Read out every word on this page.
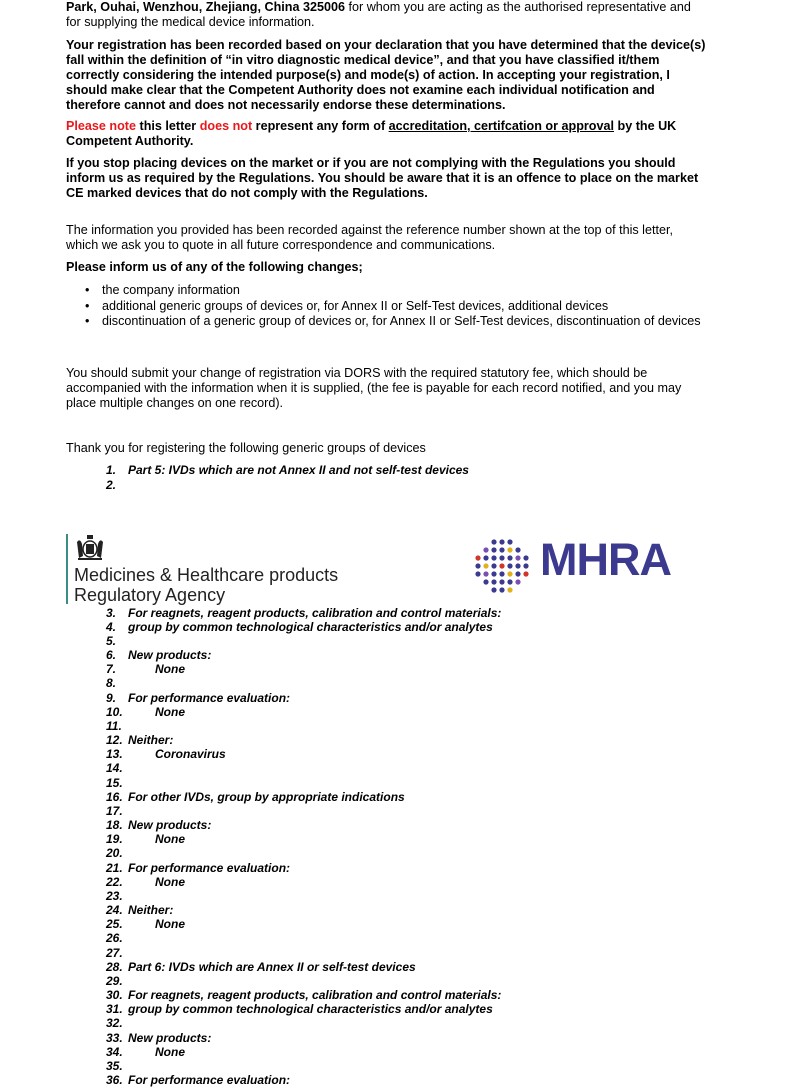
Park, Ouhai, Wenzhou, Zhejiang, China 325006 for whom you are acting as the authorised representative and for supplying the medical device information.
Your registration has been recorded based on your declaration that you have determined that the device(s) fall within the definition of “in vitro diagnostic medical device”, and that you have classified it/them correctly considering the intended purpose(s) and mode(s) of action. In accepting your registration, I should make clear that the Competent Authority does not examine each individual notification and therefore cannot and does not necessarily endorse these determinations.
Please note this letter does not represent any form of accreditation, certifcation or approval by the UK Competent Authority.
If you stop placing devices on the market or if you are not complying with the Regulations you should inform us as required by the Regulations. You should be aware that it is an offence to place on the market CE marked devices that do not comply with the Regulations.
The information you provided has been recorded against the reference number shown at the top of this letter, which we ask you to quote in all future correspondence and communications.
Please inform us of any of the following changes;
• the company information
• additional generic groups of devices or, for Annex II or Self-Test devices, additional devices
• discontinuation of a generic group of devices or, for Annex II or Self-Test devices, discontinuation of devices
You should submit your change of registration via DORS with the required statutory fee, which should be accompanied with the information when it is supplied, (the fee is payable for each record notified, and you may place multiple changes on one record).
Thank you for registering the following generic groups of devices
Medicines & Healthcare products
Regulatory Agency
MHRA
1. Part 5: IVDs which are not Annex II and not self-test devices
2.
3. For reagnets, reagent products, calibration and control materials:
4. group by common technological characteristics and/or analytes
5.
6. New products:
7.	None
8.
9. For performance evaluation:
10.	None
11.
12. Neither:
13.	Coronavirus
14.
15.
16. For other IVDs, group by appropriate indications
17.
18. New products:
19.	None
20.
21. For performance evaluation:
22.	None
23.
24. Neither:
25.	None
26.
27.
28. Part 6: IVDs which are Annex II or self-test devices
29.
30. For reagnets, reagent products, calibration and control materials:
31. group by common technological characteristics and/or analytes
32.
33. New products:
34.	None
35.
36. For performance evaluation:
